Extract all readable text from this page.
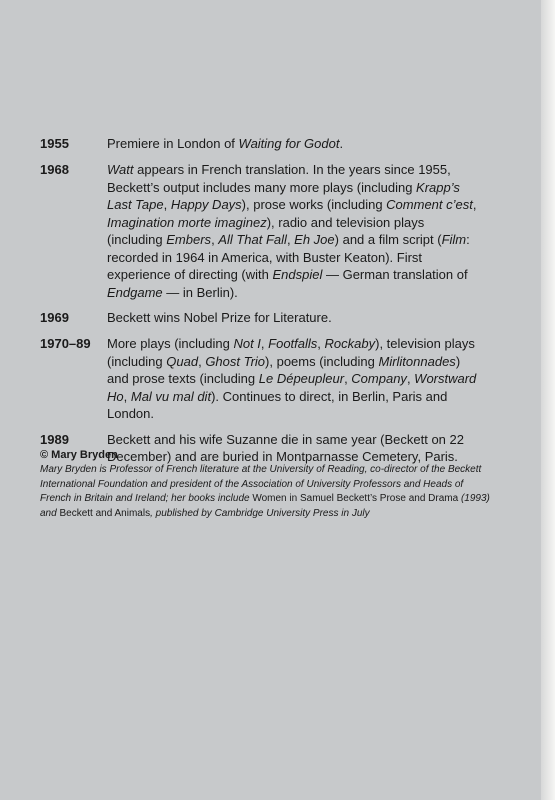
1955	Premiere in London of Waiting for Godot.
1968	Watt appears in French translation. In the years since 1955, Beckett’s output includes many more plays (including Krapp’s Last Tape, Happy Days), prose works (including Comment c’est, Imagination morte imaginez), radio and television plays (including Embers, All That Fall, Eh Joe) and a film script (Film: recorded in 1964 in America, with Buster Keaton). First experience of directing (with Endspiel — German translation of Endgame — in Berlin).
1969	Beckett wins Nobel Prize for Literature.
1970–89	More plays (including Not I, Footfalls, Rockaby), television plays (including Quad, Ghost Trio), poems (including Mirlitonnades) and prose texts (including Le Dépeupleur, Company, Worstward Ho, Mal vu mal dit). Continues to direct, in Berlin, Paris and London.
1989	Beckett and his wife Suzanne die in same year (Beckett on 22 December) and are buried in Montparnasse Cemetery, Paris.
© Mary Bryden
Mary Bryden is Professor of French literature at the University of Reading, co-director of the Beckett International Foundation and president of the Association of University Professors and Heads of French in Britain and Ireland; her books include Women in Samuel Beckett’s Prose and Drama (1993) and Beckett and Animals, published by Cambridge University Press in July
